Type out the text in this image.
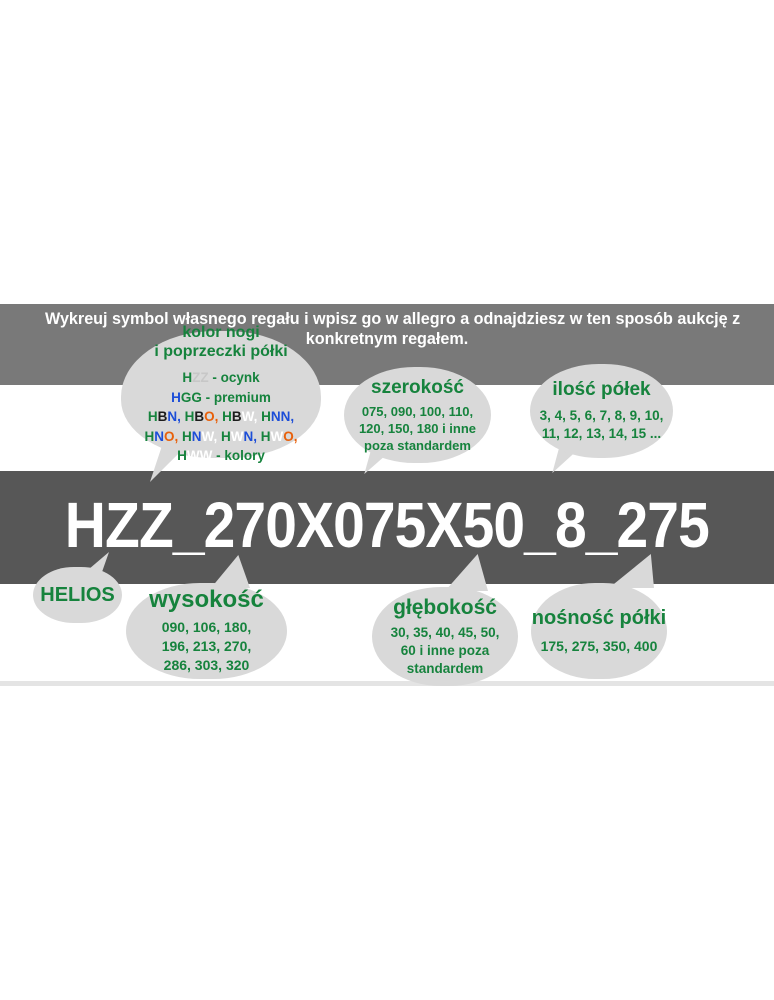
Wykreuj symbol własnego regału i wpisz go w allegro a odnajdziesz w ten sposób aukcję z
konkretnym regałem.
HZZ_270X075X50_8_275
kolor nogi
i poprzeczki półki
HZZ - ocynk
HGG - premium
HBN, HBO, HBW, HNN,
HNO, HNW, HWN, HWO,
HWW - kolory
szerokość
075, 090, 100, 110,
120, 150, 180 i inne
poza standardem
ilość półek
3, 4, 5, 6, 7, 8, 9, 10,
11, 12, 13, 14, 15 ...
HELIOS wysokość
090, 106, 180,
196, 213, 270,
286, 303, 320
głębokość
30, 35, 40, 45, 50,
60 i inne poza
standardem
nośność półki
175, 275, 350, 400
